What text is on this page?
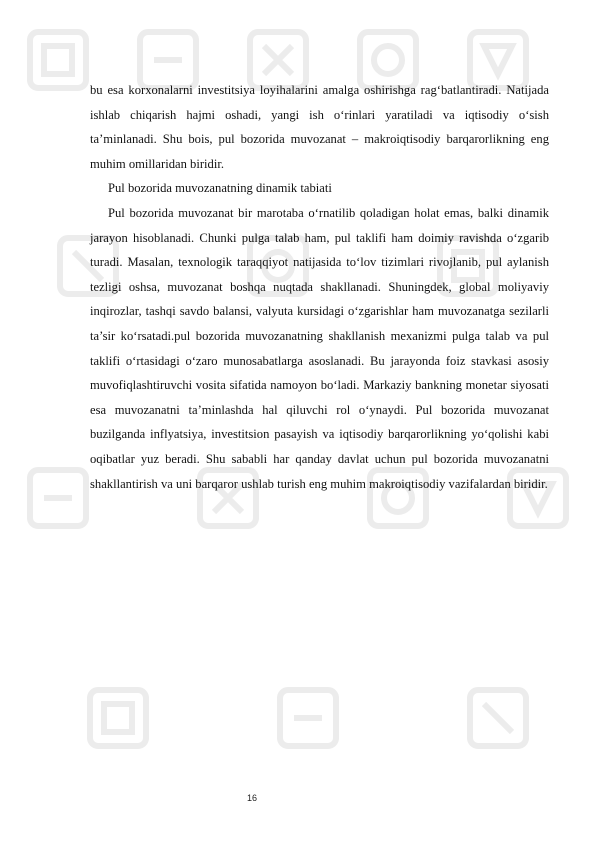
bu esa korxonalarni investitsiya loyihalarini amalga oshirishga rag‘batlantiradi. Natijada ishlab chiqarish hajmi oshadi, yangi ish o‘rinlari yaratiladi va iqtisodiy o‘sish ta’minlanadi. Shu bois, pul bozorida muvozanat – makroiqtisodiy barqarorlikning eng muhim omillaridan biridir.

Pul bozorida muvozanatning dinamik tabiati

Pul bozorida muvozanat bir marotaba o‘rnatilib qoladigan holat emas, balki dinamik jarayon hisoblanadi. Chunki pulga talab ham, pul taklifi ham doimiy ravishda o‘zgarib turadi. Masalan, texnologik taraqqiyot natijasida to‘lov tizimlari rivojlanib, pul aylanish tezligi oshsa, muvozanat boshqa nuqtada shakllanadi. Shuningdek, global moliyaviy inqirozlar, tashqi savdo balansi, valyuta kursidagi o‘zgarishlar ham muvozanatga sezilarli ta’sir ko‘rsatadi.pul bozorida muvozanatning shakllanish mexanizmi pulga talab va pul taklifi o‘rtasidagi o‘zaro munosabatlarga asoslanadi. Bu jarayonda foiz stavkasi asosiy muvofiqlashtiruvchi vosita sifatida namoyon bo‘ladi. Markaziy bankning monetar siyosati esa muvozanatni ta’minlashda hal qiluvchi rol o‘ynaydi. Pul bozorida muvozanat buzilganda inflyatsiya, investitsion pasayish va iqtisodiy barqarorlikning yo‘qolishi kabi oqibatlar yuz beradi. Shu sababli har qanday davlat uchun pul bozorida muvozanatni shakllantirish va uni barqaror ushlab turish eng muhim makroiqtisodiy vazifalardan biridir.

16
